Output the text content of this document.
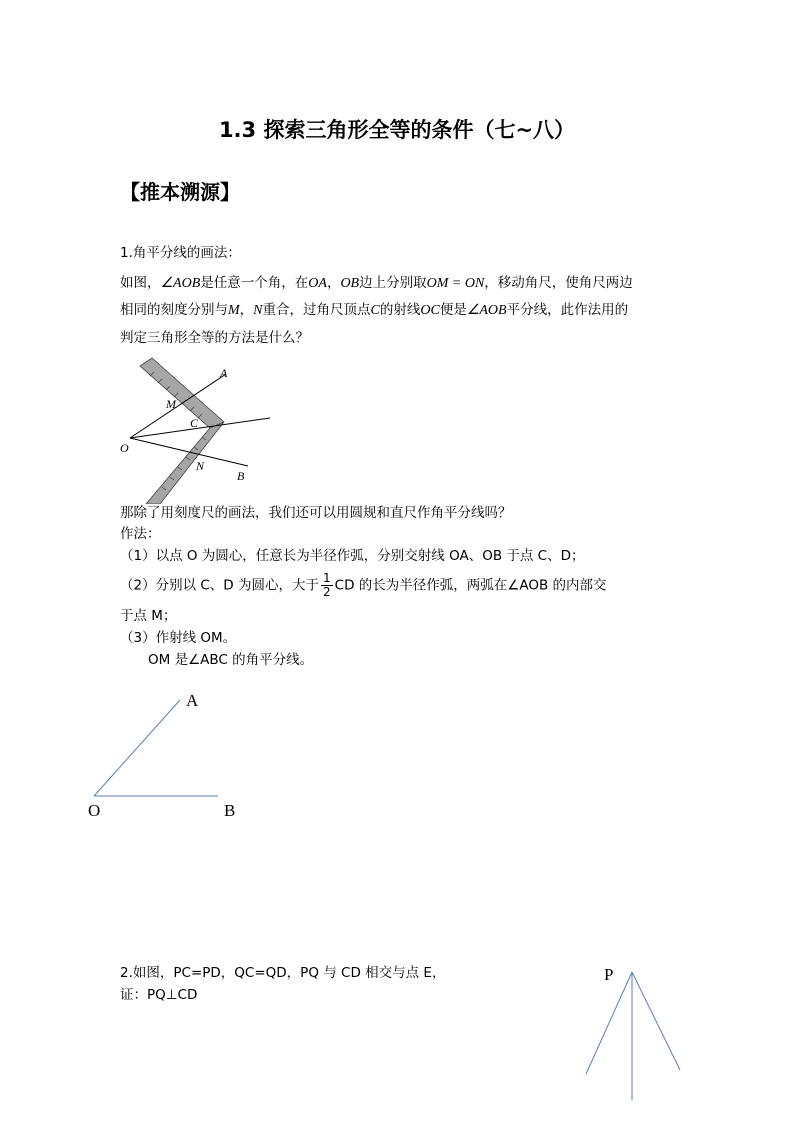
1.3 探索三角形全等的条件（七~八）
【推本溯源】
1.角平分线的画法：
如图，∠AOB是任意一个角，在OA，OB边上分别取OM = ON，移动角尺，使角尺两边
相同的刻度分别与M，N重合，过角尺顶点C的射线OC便是∠AOB平分线，此作法用的
判定三角形全等的方法是什么？
A
M
C
O
N
B
那除了用刻度尺的画法，我们还可以用圆规和直尺作角平分线吗？
作法：
（1）以点 O 为圆心，任意长为半径作弧，分别交射线 OA、OB 于点 C、D；
（2）分别以 C、D 为圆心，大于 $\frac{1}{2}$ CD 的长为半径作弧，两弧在∠AOB 的内部交
于点 M；
（3）作射线 OM。
OM 是∠ABC 的角平分线。
A
O	B
2.如图，PC=PD，QC=QD，PQ 与 CD 相交与点 E，
证：PQ⊥CD
P
